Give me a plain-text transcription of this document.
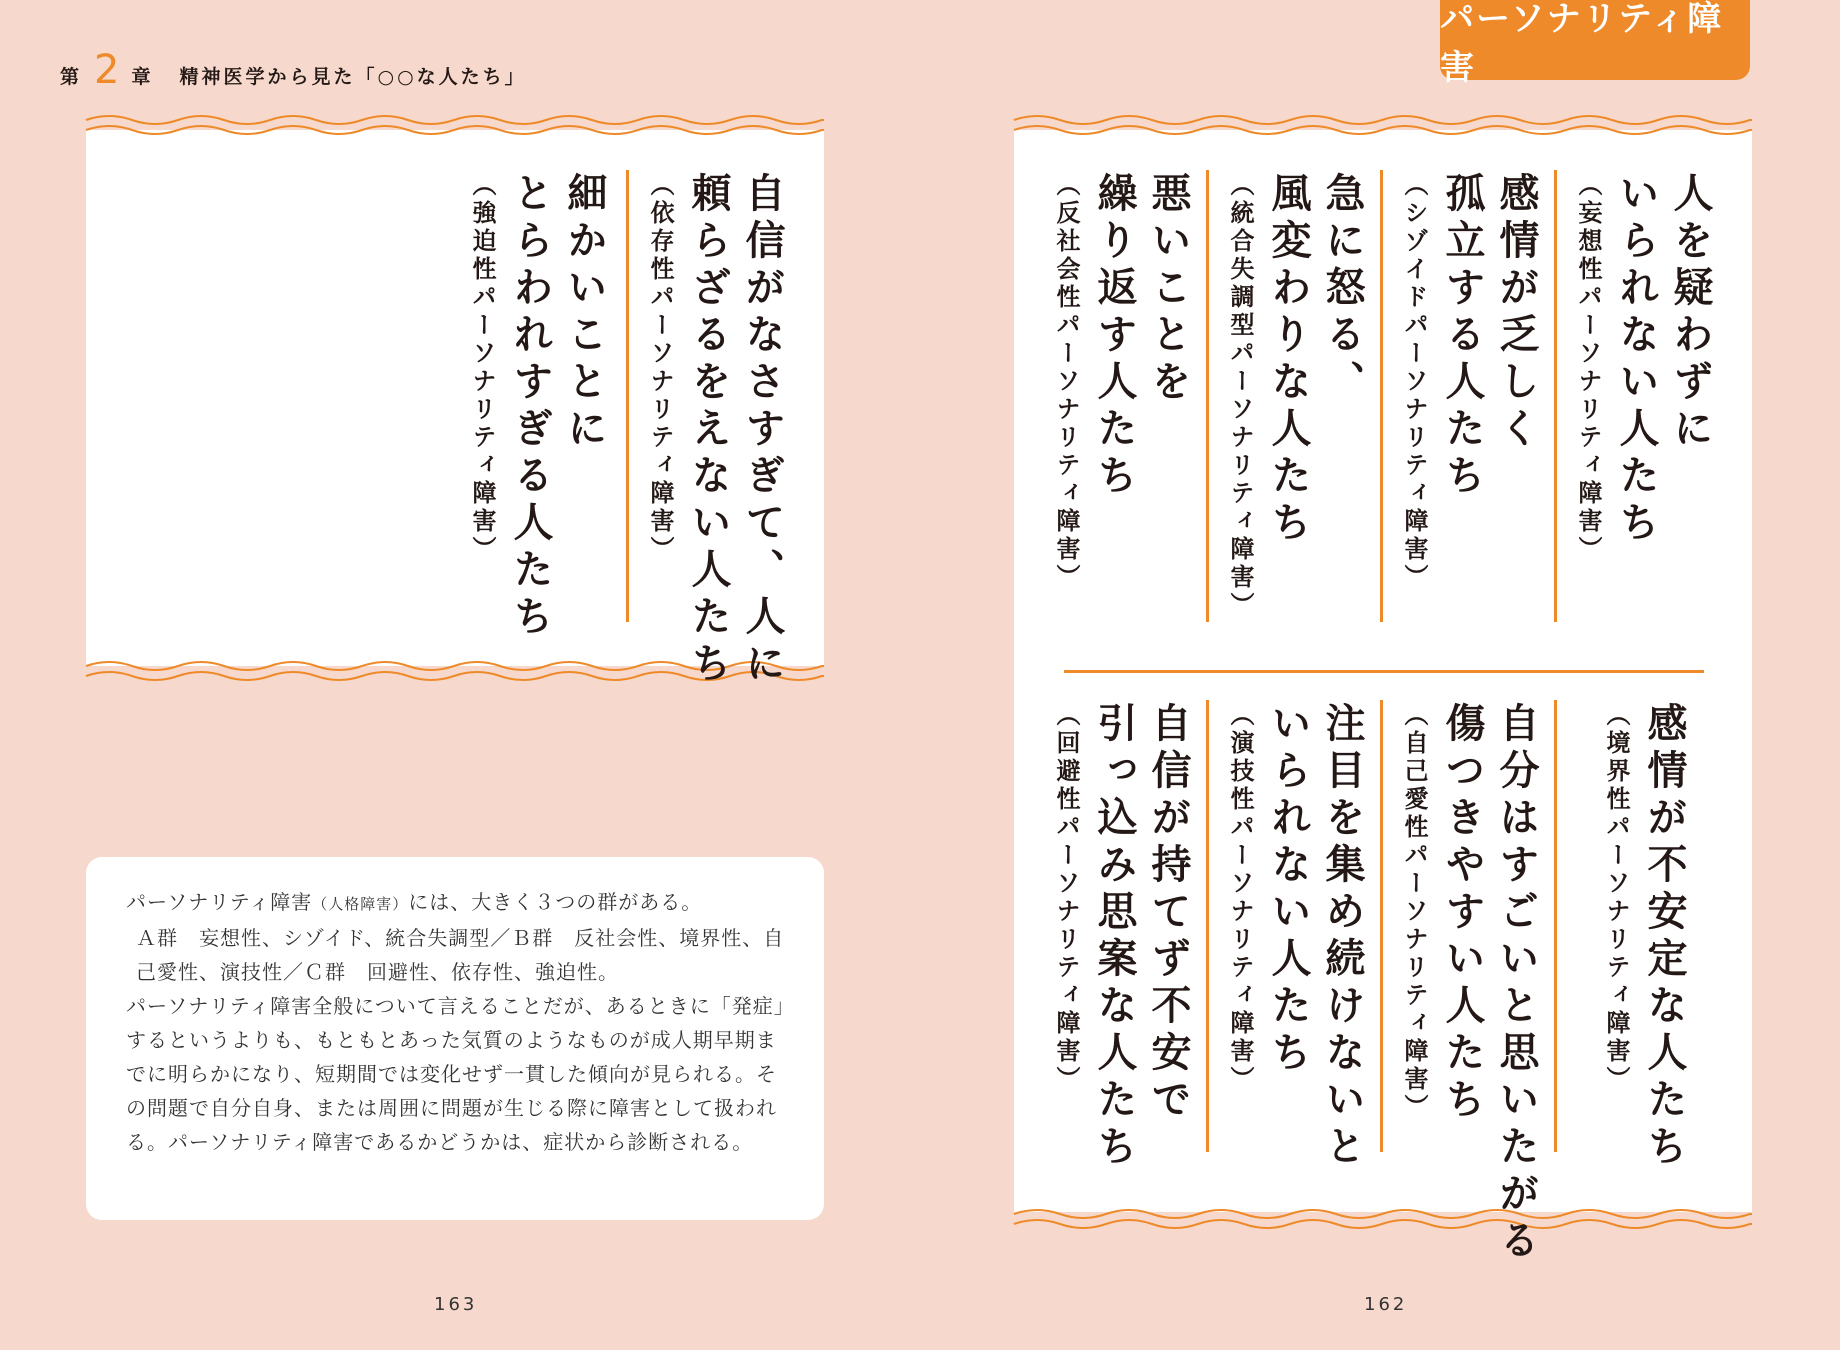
第 2 章 精神医学から見た「○○な人たち」
パーソナリティ障害
自信がなさすぎて、人に
頼らざるをえない人たち
（依存性パーソナリティ障害）
細かいことに
とらわれすぎる人たち
（強迫性パーソナリティ障害）

パーソナリティ障害（人格障害）には、大きく３つの群がある。

Ａ群　妄想性、シゾイド、統合失調型／Ｂ群　反社会性、境界性、自己愛性、演技性／Ｃ群　回避性、依存性、強迫性。

パーソナリティ障害全般について言えることだが、あるときに「発症」するというよりも、もともとあった気質のようなものが成人期早期までに明らかになり、短期間では変化せず一貫した傾向が見られる。その問題で自分自身、または周囲に問題が生じる際に障害として扱われる。パーソナリティ障害であるかどうかは、症状から診断される。

人を疑わずに
いられない人たち
（妄想性パーソナリティ障害）
感情が乏しく
孤立する人たち
（シゾイドパーソナリティ障害）
急に怒る、
風変わりな人たち
（統合失調型パーソナリティ障害）
悪いことを
繰り返す人たち
（反社会性パーソナリティ障害）
感情が不安定な人たち
（境界性パーソナリティ障害）
自分はすごいと思いたがる
傷つきやすい人たち
（自己愛性パーソナリティ障害）
注目を集め続けないと
いられない人たち
（演技性パーソナリティ障害）
自信が持てず不安で
引っ込み思案な人たち
（回避性パーソナリティ障害）
163	162
